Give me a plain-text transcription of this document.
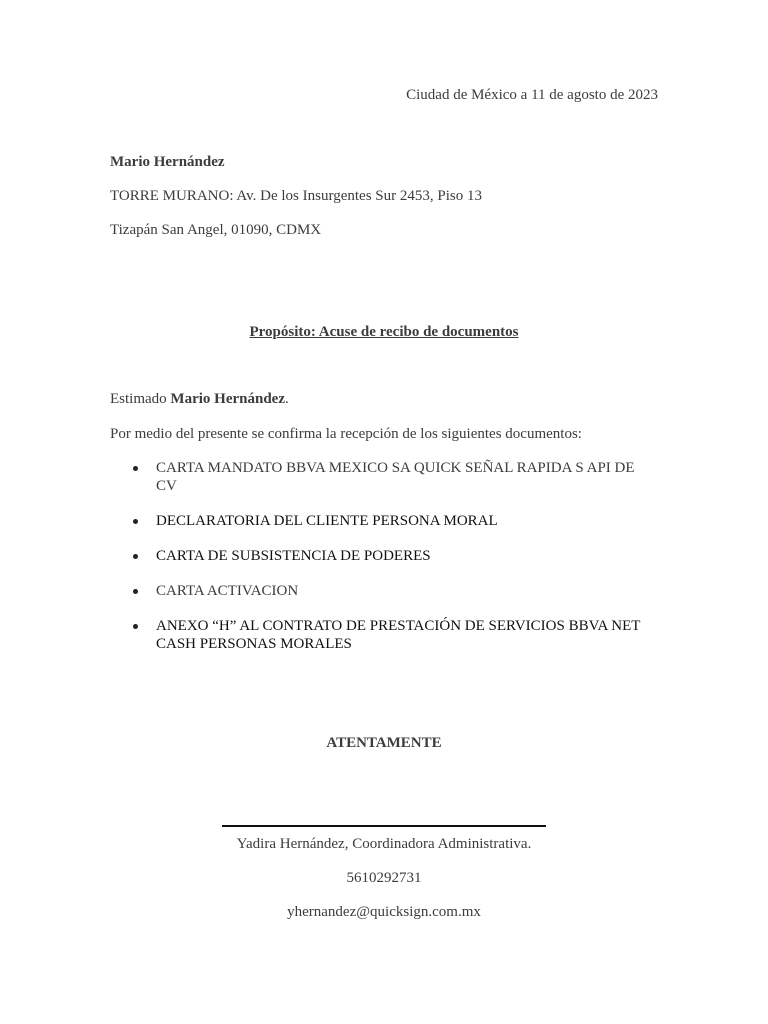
Ciudad de México a 11 de agosto de 2023
Mario Hernández
TORRE MURANO: Av. De los Insurgentes Sur 2453, Piso 13
Tizapán San Angel, 01090, CDMX
Propósito: Acuse de recibo de documentos
Estimado Mario Hernández.
Por medio del presente se confirma la recepción de los siguientes documentos:
CARTA MANDATO BBVA MEXICO SA QUICK SEÑAL RAPIDA S API DE CV
DECLARATORIA DEL CLIENTE PERSONA MORAL
CARTA DE SUBSISTENCIA DE PODERES
CARTA ACTIVACION
ANEXO “H” AL CONTRATO DE PRESTACIÓN DE SERVICIOS BBVA NET CASH PERSONAS MORALES
ATENTAMENTE
Yadira Hernández, Coordinadora Administrativa.
5610292731
yhernandez@quicksign.com.mx
